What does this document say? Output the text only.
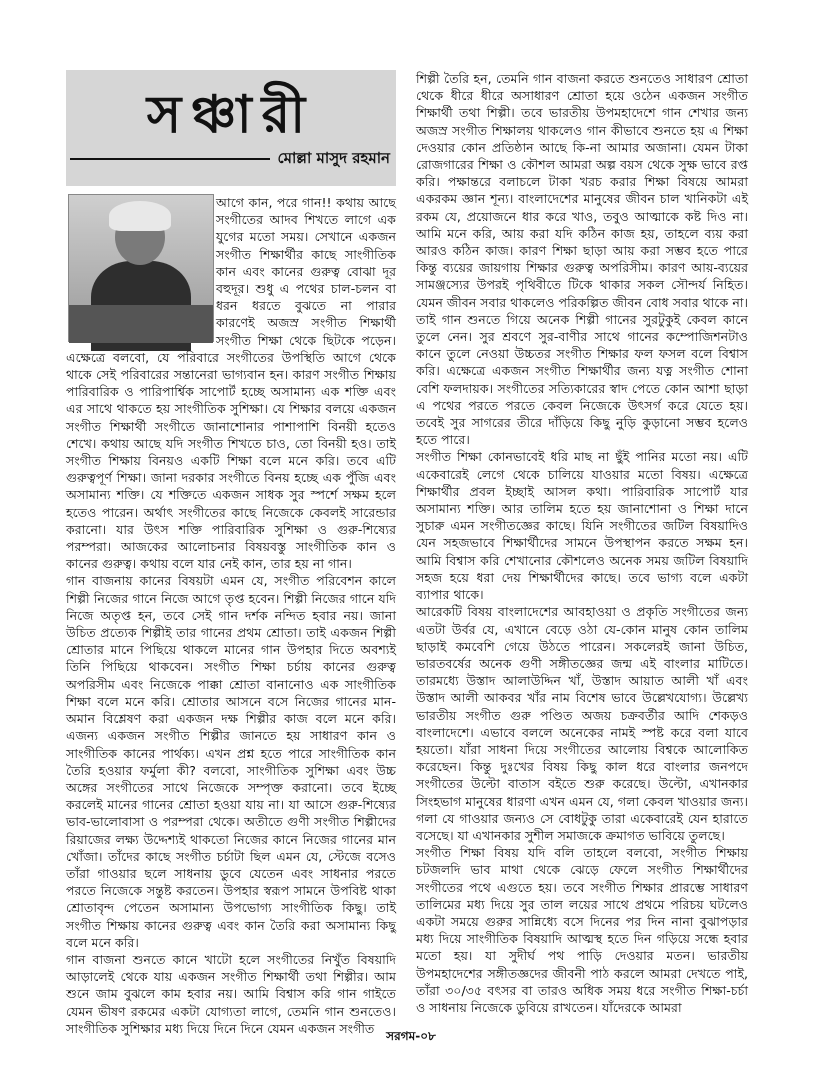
সঞ্চারী
মোল্লা মাসুদ রহমান

আগে কান, পরে গান!! কথায় আছে সংগীতের আদব শিখতে লাগে এক যুগের মতো সময়। সেখানে একজন সংগীত শিক্ষার্থীর কাছে সাংগীতিক কান এবং কানের গুরুত্ব বোঝা দূর বহুদূর। শুধু এ পথের চাল-চলন বা ধরন ধরতে বুঝতে না পারার কারণেই অজস্র সংগীত শিক্ষার্থী সংগীত শিক্ষা থেকে ছিটকে পড়েন। এক্ষেত্রে বলবো, যে পরিবারে সংগীতের উপস্থিতি আগে থেকে থাকে সেই পরিবারের সন্তানেরা ভাগ্যবান হন। কারণ সংগীত শিক্ষায় পারিবারিক ও পারিপার্শ্বিক সাপোর্ট হচ্ছে অসামান্য এক শক্তি এবং এর সাথে থাকতে হয় সাংগীতিক সুশিক্ষা। যে শিক্ষার বলয়ে একজন সংগীত শিক্ষার্থী সংগীতে জানাশোনার পাশাপাশি বিনয়ী হতেও শেখে। কথায় আছে যদি সংগীত শিখতে চাও, তো বিনয়ী হও। তাই সংগীত শিক্ষায় বিনয়ও একটি শিক্ষা বলে মনে করি। তবে এটি গুরুত্বপূর্ণ শিক্ষা। জানা দরকার সংগীতে বিনয় হচ্ছে এক পুঁজি এবং অসামান্য শক্তি। যে শক্তিতে একজন সাধক সুর স্পর্শে সক্ষম হলে হতেও পারেন। অর্থাৎ সংগীতের কাছে নিজেকে কেবলই সারেন্ডার করানো। যার উৎস শক্তি পারিবারিক সুশিক্ষা ও গুরু-শিষ্যের পরম্পরা। আজকের আলোচনার বিষয়বস্তু সাংগীতিক কান ও কানের গুরুত্ব। কথায় বলে যার নেই কান, তার হয় না গান।

গান বাজনায় কানের বিষয়টা এমন যে, সংগীত পরিবেশন কালে শিল্পী নিজের গানে নিজে আগে তৃপ্ত হবেন। শিল্পী নিজের গানে যদি নিজে অতৃপ্ত হন, তবে সেই গান দর্শক নন্দিত হবার নয়। জানা উচিত প্রত্যেক শিল্পীই তার গানের প্রথম শ্রোতা। তাই একজন শিল্পী শ্রোতার মানে পিছিয়ে থাকলে মানের গান উপহার দিতে অবশ্যই তিনি পিছিয়ে থাকবেন। সংগীত শিক্ষা চর্চায় কানের গুরুত্ব অপরিসীম এবং নিজেকে পাক্কা শ্রোতা বানানোও এক সাংগীতিক শিক্ষা বলে মনে করি। শ্রোতার আসনে বসে নিজের গানের মান-অমান বিশ্লেষণ করা একজন দক্ষ শিল্পীর কাজ বলে মনে করি। এজন্য একজন সংগীত শিল্পীর জানতে হয় সাধারণ কান ও সাংগীতিক কানের পার্থক্য। এখন প্রশ্ন হতে পারে সাংগীতিক কান তৈরি হওয়ার ফর্মুলা কী? বলবো, সাংগীতিক সুশিক্ষা এবং উচ্চ অঙ্গের সংগীতের সাথে নিজেকে সম্পৃক্ত করানো। তবে ইচ্ছে করলেই মানের গানের শ্রোতা হওয়া যায় না। যা আসে গুরু-শিষ্যের ভাব-ভালোবাসা ও পরম্পরা থেকে। অতীতে গুণী সংগীত শিল্পীদের রিয়াজের লক্ষ্য উদ্দেশ্যই থাকতো নিজের কানে নিজের গানের মান খোঁজা। তাঁদের কাছে সংগীত চর্চাটা ছিল এমন যে, স্টেজে বসেও তাঁরা গাওয়ার ছলে সাধনায় ডুবে যেতেন এবং সাধনার পরতে পরতে নিজেকে সন্তুষ্ট করতেন। উপহার স্বরূপ সামনে উপবিষ্ট থাকা শ্রোতাবৃন্দ পেতেন অসামান্য উপভোগ্য সাংগীতিক কিছু। তাই সংগীত শিক্ষায় কানের গুরুত্ব এবং কান তৈরি করা অসামান্য কিছু বলে মনে করি।

গান বাজনা শুনতে কানে খাটো হলে সংগীতের নিখুঁত বিষয়াদি আড়ালেই থেকে যায় একজন সংগীত শিক্ষার্থী তথা শিল্পীর। আম শুনে জাম বুঝলে কাম হবার নয়। আমি বিশ্বাস করি গান গাইতে যেমন ভীষণ রকমের একটা যোগ্যতা লাগে, তেমনি গান শুনতেও। সাংগীতিক সুশিক্ষার মধ্য দিয়ে দিনে দিনে যেমন একজন সংগীত

শিল্পী তৈরি হন, তেমনি গান বাজনা করতে শুনতেও সাধারণ শ্রোতা থেকে ধীরে ধীরে অসাধারণ শ্রোতা হয়ে ওঠেন একজন সংগীত শিক্ষার্থী তথা শিল্পী। তবে ভারতীয় উপমহাদেশে গান শেখার জন্য অজস্র সংগীত শিক্ষালয় থাকলেও গান কীভাবে শুনতে হয় এ শিক্ষা দেওয়ার কোন প্রতিষ্ঠান আছে কি-না আমার অজানা। যেমন টাকা রোজগারের শিক্ষা ও কৌশল আমরা অল্প বয়স থেকে সুক্ষ ভাবে রপ্ত করি। পক্ষান্তরে বলাচলে টাকা খরচ করার শিক্ষা বিষয়ে আমরা একরকম জ্ঞান শূন্য। বাংলাদেশের মানুষের জীবন চাল খানিকটা এই রকম যে, প্রয়োজনে ধার করে খাও, তবুও আত্মাকে কষ্ট দিও না। আমি মনে করি, আয় করা যদি কঠিন কাজ হয়, তাহলে ব্যয় করা আরও কঠিন কাজ। কারণ শিক্ষা ছাড়া আয় করা সম্ভব হতে পারে কিন্তু ব্যয়ের জায়গায় শিক্ষার গুরুত্ব অপরিসীম। কারণ আয়-ব্যয়ের সামঞ্জস্যের উপরই পৃথিবীতে টিকে থাকার সকল সৌন্দর্য নিহিত। যেমন জীবন সবার থাকলেও পরিকল্পিত জীবন বোধ সবার থাকে না। তাই গান শুনতে গিয়ে অনেক শিল্পী গানের সুরটুকুই কেবল কানে তুলে নেন। সুর শ্রবণে সুর-বাণীর সাথে গানের কম্পোজিশনটাও কানে তুলে নেওয়া উচ্চতর সংগীত শিক্ষার ফল ফসল বলে বিশ্বাস করি। এক্ষেত্রে একজন সংগীত শিক্ষার্থীর জন্য যত্ন সংগীত শোনা বেশি ফলদায়ক। সংগীতের সত্যিকারের স্বাদ পেতে কোন আশা ছাড়া এ পথের পরতে পরতে কেবল নিজেকে উৎসর্গ করে যেতে হয়। তবেই সুর সাগরের তীরে দাঁড়িয়ে কিছু নুড়ি কুড়ানো সম্ভব হলেও হতে পারে।

সংগীত শিক্ষা কোনভাবেই ধরি মাছ না ছুঁই পানির মতো নয়। এটি একেবারেই লেগে থেকে চালিয়ে যাওয়ার মতো বিষয়। এক্ষেত্রে শিক্ষার্থীর প্রবল ইচ্ছাই আসল কথা। পারিবারিক সাপোর্ট যার অসামান্য শক্তি। আর তালিম হতে হয় জানাশোনা ও শিক্ষা দানে সুচারু এমন সংগীতজ্ঞের কাছে। যিনি সংগীতের জটিল বিষয়াদিও যেন সহজভাবে শিক্ষার্থীদের সামনে উপস্থাপন করতে সক্ষম হন। আমি বিশ্বাস করি শেখানোর কৌশলেও অনেক সময় জটিল বিষয়াদি সহজ হয়ে ধরা দেয় শিক্ষার্থীদের কাছে। তবে ভাগ্য বলে একটা ব্যাপার থাকে।

আরেকটি বিষয় বাংলাদেশের আবহাওয়া ও প্রকৃতি সংগীতের জন্য এতটা উর্বর যে, এখানে বেড়ে ওঠা যে-কোন মানুষ কোন তালিম ছাড়াই কমবেশি গেয়ে উঠতে পারেন। সকলেরই জানা উচিত, ভারতবর্ষের অনেক গুণী সঙ্গীতজ্ঞের জন্ম এই বাংলার মাটিতে। তারমধ্যে উস্তাদ আলাউদ্দিন খাঁ, উস্তাদ আয়াত আলী খাঁ এবং উস্তাদ আলী আকবর খাঁর নাম বিশেষ ভাবে উল্লেখযোগ্য। উল্লেখ্য ভারতীয় সংগীত গুরু পণ্ডিত অজয় চক্রবর্তীর আদি শেকড়ও বাংলাদেশে। এভাবে বললে অনেকের নামই স্পষ্ট করে বলা যাবে হয়তো। যাঁরা সাধনা দিয়ে সংগীতের আলোয় বিশ্বকে আলোকিত করেছেন। কিন্তু দুঃখের বিষয় কিছু কাল ধরে বাংলার জনপদে সংগীতের উল্টো বাতাস বইতে শুরু করেছে। উল্টো, এখানকার সিংহভাগ মানুষের ধারণা এখন এমন যে, গলা কেবল খাওয়ার জন্য। গলা যে গাওয়ার জন্যও সে বোধটুকু তারা একেবারেই যেন হারাতে বসেছে। যা এখানকার সুশীল সমাজকে ক্রমাগত ভাবিয়ে তুলছে।

সংগীত শিক্ষা বিষয় যদি বলি তাহলে বলবো, সংগীত শিক্ষায় চটজলদি ভাব মাথা থেকে ঝেড়ে ফেলে সংগীত শিক্ষার্থীদের সংগীতের পথে এগুতে হয়। তবে সংগীত শিক্ষার প্রারম্ভে সাধারণ তালিমের মধ্য দিয়ে সুর তাল লয়ের সাথে প্রথমে পরিচয় ঘটলেও একটা সময়ে গুরুর সান্নিধ্যে বসে দিনের পর দিন নানা বুঝাপড়ার মধ্য দিয়ে সাংগীতিক বিষয়াদি আত্মস্থ হতে দিন গড়িয়ে সন্ধে হবার মতো হয়। যা সুদীর্ঘ পথ পাড়ি দেওয়ার মতন। ভারতীয় উপমহাদেশের সঙ্গীতজ্ঞদের জীবনী পাঠ করলে আমরা দেখতে পাই, তাঁরা ৩০/৩৫ বৎসর বা তারও অধিক সময় ধরে সংগীত শিক্ষা-চর্চা ও সাধনায় নিজেকে ডুবিয়ে রাখতেন। যাঁদেরকে আমরা

সরগম-০৮
